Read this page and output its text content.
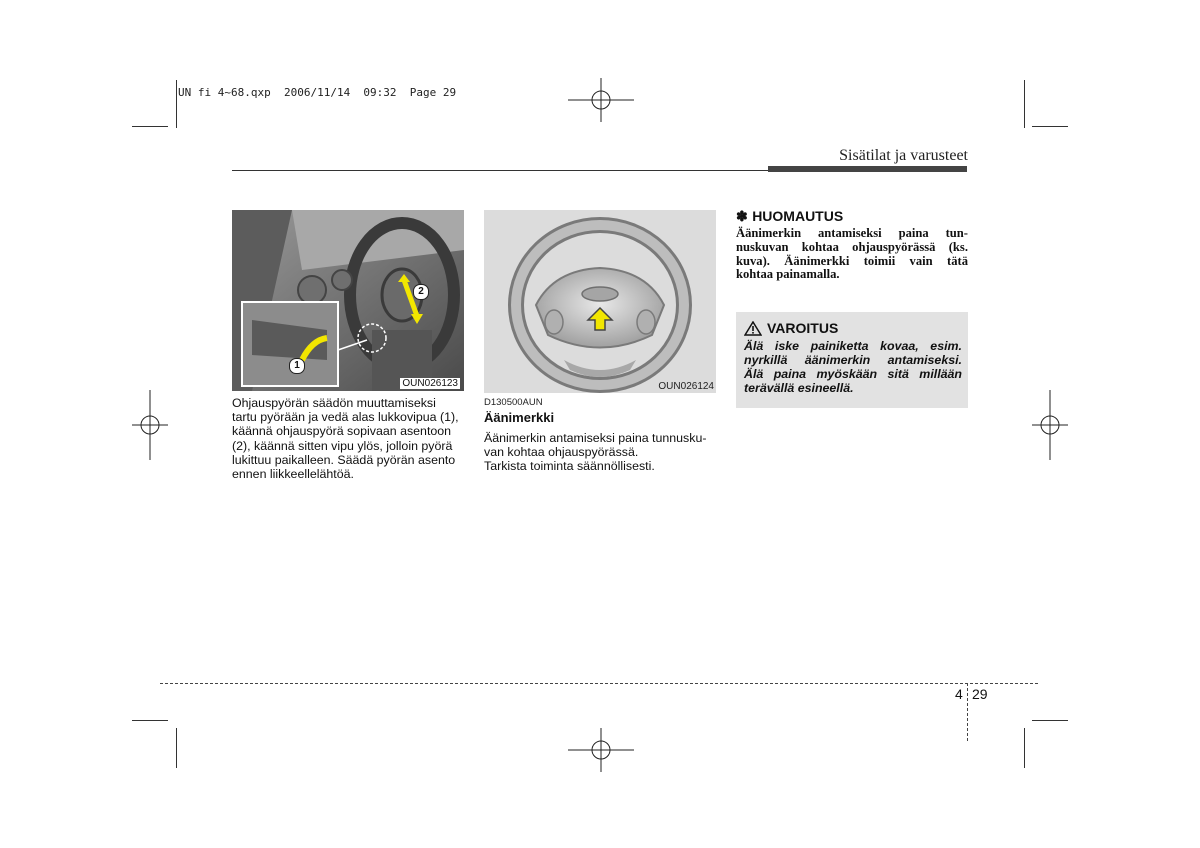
UN fi 4~68.qxp  2006/11/14  09:32  Page 29
Sisätilat ja varusteet
1
2
OUN026123
Ohjauspyörän säädön muuttamiseksi
tartu pyörään ja vedä alas lukkovipua (1),
käännä ohjauspyörä sopivaan asentoon
(2), käännä sitten vipu ylös, jolloin pyörä
lukittuu paikalleen. Säädä pyörän asento
ennen liikkeellelähtöä.
OUN026124
D130500AUN
Äänimerkki
Äänimerkin antamiseksi paina tunnusku-
van kohtaa ohjauspyörässä.
Tarkista toiminta säännöllisesti.
✽ HUOMAUTUS
Äänimerkin antamiseksi paina tun-
nuskuvan kohtaa ohjauspyörässä (ks.
kuva). Äänimerkki toimii vain tätä
kohtaa painamalla.
VAROITUS
Älä iske painiketta kovaa, esim.
nyrkillä äänimerkin antamiseksi.
Älä paina myöskään sitä millään
terävällä esineellä.
4 29
